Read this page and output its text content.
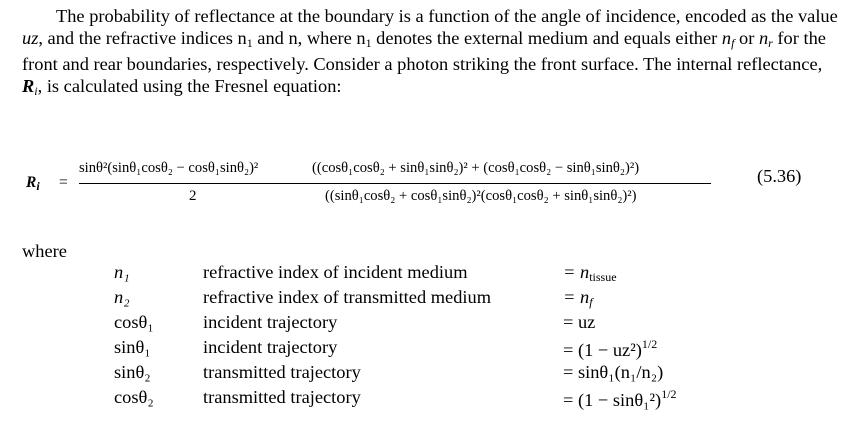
The probability of reflectance at the boundary is a function of the angle of incidence, encoded as the value uz, and the refractive indices $n_1$ and n, where $n_1$ denotes the external medium and equals either $n_f$ or $n_r$ for the front and rear boundaries, respectively. Consider a photon striking the front surface. The internal reflectance, $R_i$, is calculated using the Fresnel equation:

$R_i$ =
sinθ²(sinθ₁cosθ₂ − cosθ₁sinθ₂)²
2
((cosθ₁cosθ₂ + sinθ₁sinθ₂)² + (cosθ₁cosθ₂ − sinθ₁sinθ₂)²)
((sinθ₁cosθ₂ + cosθ₁sinθ₂)²(cosθ₁cosθ₂ + sinθ₁sinθ₂)²)
(5.36)
where
n₁	refractive index of incident medium	= $n_{tissue}$
n₂	refractive index of transmitted medium	= $n_f$
cosθ₁	incident trajectory	= uz
sinθ₁	incident trajectory	= $(1 - uz^2)^{1/2}$
sinθ₂	transmitted trajectory	= sinθ₁(n₁/n₂)
cosθ₂	transmitted trajectory	= $(1 - \sin\theta_1^2)^{1/2}$
